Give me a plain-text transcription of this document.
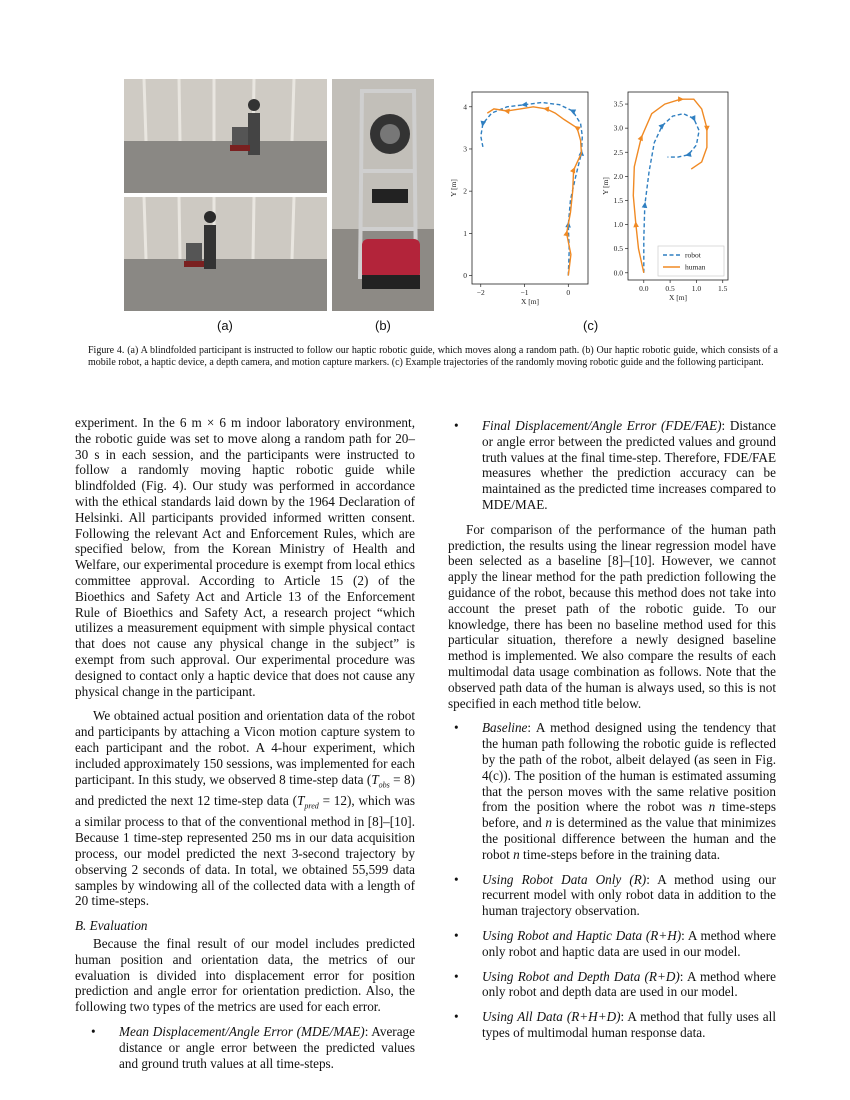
−2	−1	0
0
1
2
3
4
X [m]
Y [m]
0.0 0.5 1.0 1.5
0.0
0.5
1.0
1.5
2.0
2.5
3.0
3.5
X [m]
Y [m]
robot
human
(a)	(b)	(c)
Figure 4. (a) A blindfolded participant is instructed to follow our haptic robotic guide, which moves along a random path. (b) Our haptic robotic guide, which consists of a mobile robot, a haptic device, a depth camera, and motion capture markers. (c) Example trajectories of the randomly moving robotic guide and the following participant.

experiment. In the 6 m × 6 m indoor laboratory environment, the robotic guide was set to move along a random path for 20–30 s in each session, and the participants were instructed to follow a randomly moving haptic robotic guide while blindfolded (Fig. 4). Our study was performed in accordance with the ethical standards laid down by the 1964 Declaration of Helsinki. All participants provided informed written consent. Following the relevant Act and Enforcement Rules, which are specified below, from the Korean Ministry of Health and Welfare, our experimental procedure is exempt from local ethics committee approval. According to Article 15 (2) of the Bioethics and Safety Act and Article 13 of the Enforcement Rule of Bioethics and Safety Act, a research project “which utilizes a measurement equipment with simple physical contact that does not cause any physical change in the subject” is exempt from such approval. Our experimental procedure was designed to contact only a haptic device that does not cause any physical change in the participant.

We obtained actual position and orientation data of the robot and participants by attaching a Vicon motion capture system to each participant and the robot. A 4-hour experiment, which included approximately 150 sessions, was implemented for each participant. In this study, we observed 8 time-step data $(T_{obs} = 8)$ and predicted the next 12 time-step data $(T_{pred} = 12)$, which was a similar process to that of the conventional method in [8]–[10]. Because 1 time-step represented 250 ms in our data acquisition process, our model predicted the next 3-second trajectory by observing 2 seconds of data. In total, we obtained 55,599 data samples by windowing all of the collected data with a length of 20 time-steps.

B. Evaluation

Because the final result of our model includes predicted human position and orientation data, the metrics of our evaluation is divided into displacement error for position prediction and angle error for orientation prediction. Also, the following two types of the metrics are used for each error.

• Mean Displacement/Angle Error (MDE/MAE): Average distance or angle error between the predicted values and ground truth values at all time-steps.
• Final Displacement/Angle Error (FDE/FAE): Distance or angle error between the predicted values and ground truth values at the final time-step. Therefore, FDE/FAE measures whether the prediction accuracy can be maintained as the predicted time increases compared to MDE/MAE.

For comparison of the performance of the human path prediction, the results using the linear regression model have been selected as a baseline [8]–[10]. However, we cannot apply the linear method for the path prediction following the guidance of the robot, because this method does not take into account the preset path of the robotic guide. To our knowledge, there has been no baseline method used for this particular situation, therefore a newly designed baseline method is implemented. We also compare the results of each multimodal data usage combination as follows. Note that the observed path data of the human is always used, so this is not specified in each method title below.

• Baseline: A method designed using the tendency that the human path following the robotic guide is reflected by the path of the robot, albeit delayed (as seen in Fig. 4(c)). The position of the human is estimated assuming that the person moves with the same relative position from the position where the robot was n time-steps before, and n is determined as the value that minimizes the positional difference between the human and the robot n time-steps before in the training data.
• Using Robot Data Only (R): A method using our recurrent model with only robot data in addition to the human trajectory observation.
• Using Robot and Haptic Data (R+H): A method where only robot and haptic data are used in our model.
• Using Robot and Depth Data (R+D): A method where only robot and depth data are used in our model.
• Using All Data (R+H+D): A method that fully uses all types of multimodal human response data.
